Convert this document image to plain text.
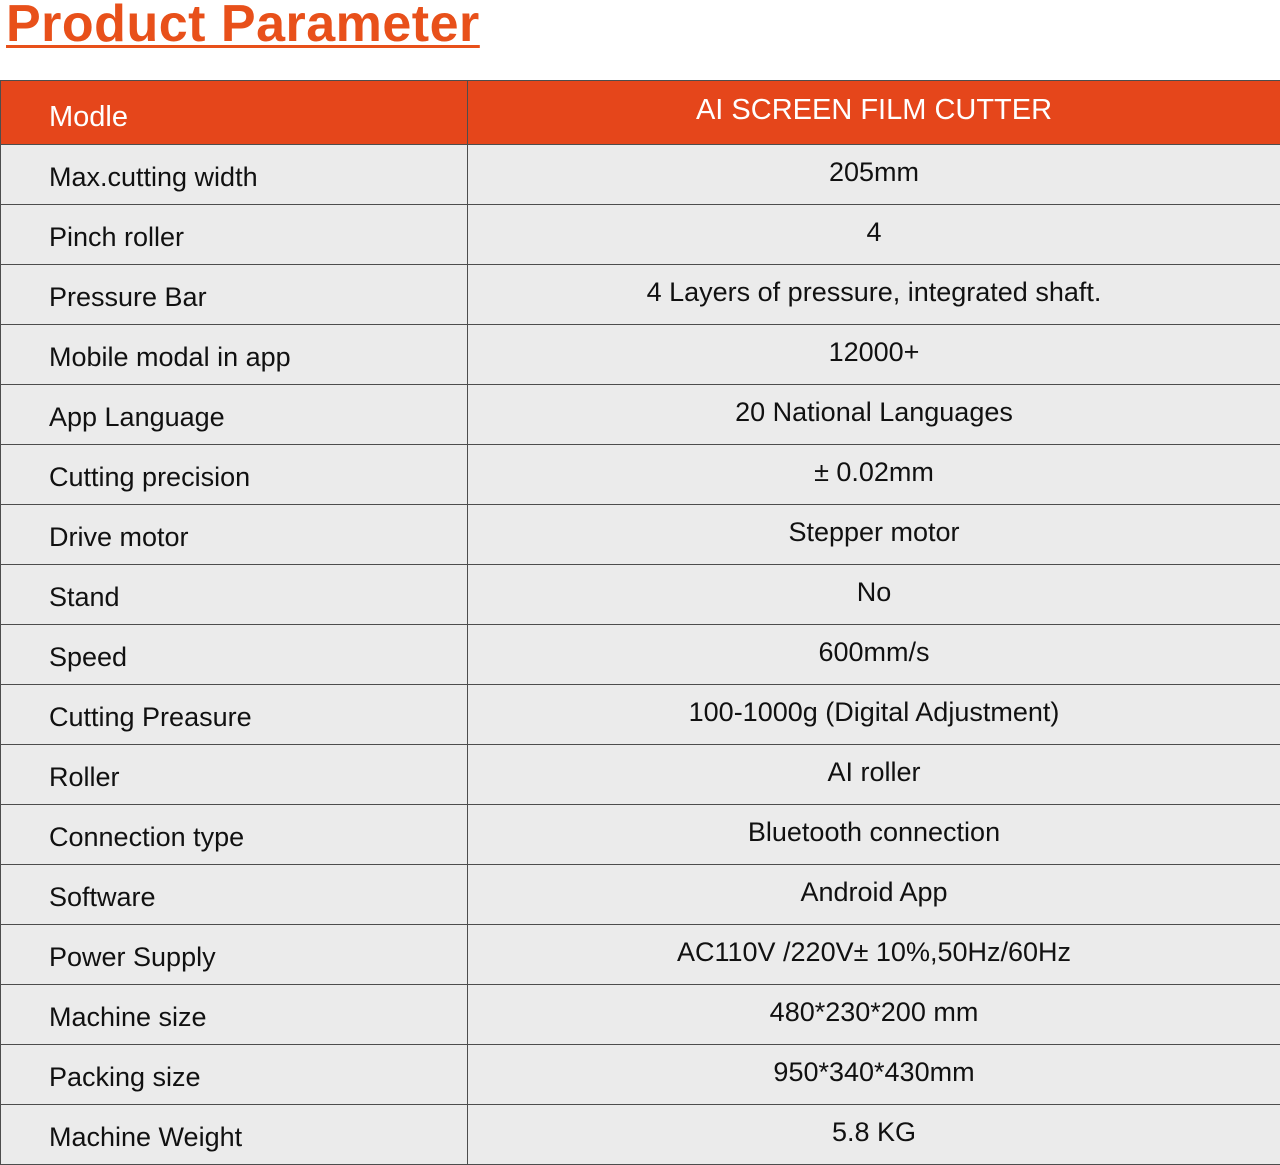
Product Parameter
Modle	AI SCREEN FILM CUTTER
Max.cutting width	205mm
Pinch roller	4
Pressure Bar	4 Layers of pressure, integrated shaft.
Mobile modal in app	12000+
App Language	20 National Languages
Cutting precision	± 0.02mm
Drive motor	Stepper motor
Stand	No
Speed	600mm/s
Cutting Preasure	100-1000g (Digital Adjustment)
Roller	AI roller
Connection type	Bluetooth connection
Software	Android App
Power Supply	AC110V /220V± 10%,50Hz/60Hz
Machine size	480*230*200 mm
Packing size	950*340*430mm
Machine Weight	5.8 KG
